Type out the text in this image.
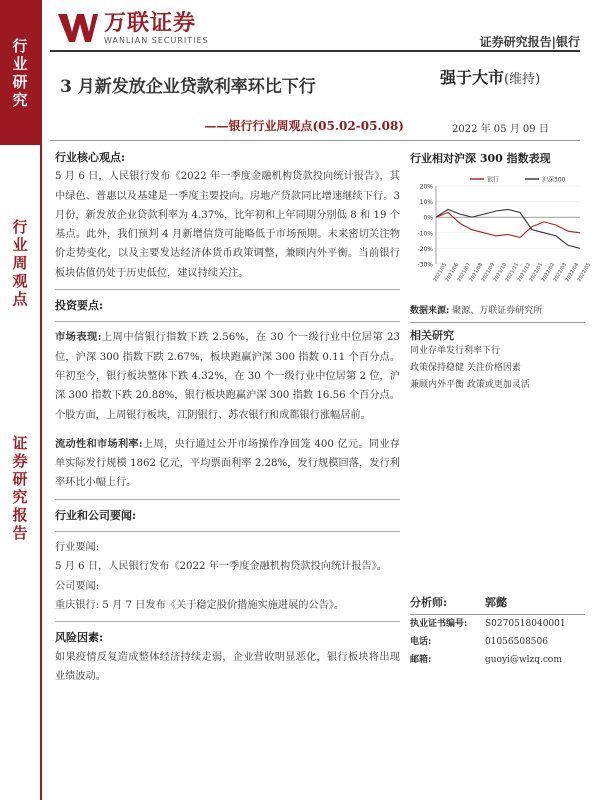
行
业
研
究
行
业
周
观
点
证
券
研
究
报
告
万联证券
WANLIAN SECURITIES	证券研究报告|银行
3 月新发放企业贷款利率环比下行
——银行行业周观点(05.02-05.08)
强于大市(维持)
2022 年 05 月 09 日
行业核心观点:
5 月 6 日，人民银行发布《2022 年一季度金融机构贷款投向统计报告》，其中绿色、普惠以及基建是一季度主要投向。房地产贷款同比增速继续下行。3 月份，新发放企业贷款利率为 4.37%，比年初和上年同期分别低 8 和 19 个基点。此外，我们预判 4 月新增信贷可能略低于市场预期。未来密切关注物价走势变化，以及主要发达经济体货币政策调整，兼顾内外平衡。当前银行板块估值仍处于历史低位，建议持续关注。
投资要点:
市场表现:上周中信银行指数下跌 2.56%，在 30 个一级行业中位居第 23 位，沪深 300 指数下跌 2.67%，板块跑赢沪深 300 指数 0.11 个百分点。年初至今，银行板块整体下跌 4.32%，在 30 个一级行业中位居第 2 位，沪深 300 指数下跌 20.88%，银行板块跑赢沪深 300 指数 16.56 个百分点。个股方面，上周银行板块，江阴银行、苏农银行和成都银行涨幅居前。
流动性和市场利率:上周，央行通过公开市场操作净回笼 400 亿元。同业存单实际发行规模 1862 亿元，平均票面利率 2.28%，发行规模回落，发行利率环比小幅上行。
行业和公司要闻:
行业要闻:
5 月 6 日，人民银行发布《2022 年一季度金融机构贷款投向统计报告》。
公司要闻:
重庆银行: 5 月 7 日发布《关于稳定股价措施实施进展的公告》。
风险因素:
如果疫情反复造成整体经济持续走弱，企业营收明显恶化，银行板块将出现业绩波动。
行业相对沪深 300 指数表现
20%
10%
0%
-10%
-20%
-30% 2021/05
2021/06
2021/07
2021/08
2021/09
2021/10
2021/11
2021/12
2022/01
2022/02
2022/03
2022/04
2022/05
银行	沪深300
数据来源: 聚源、万联证券研究所
相关研究
同业存单发行利率下行
政策保持稳健 关注价格因素
兼顾内外平衡 政策或更加灵活
分析师:	郭懿
执业证书编号:	S0270518040001
电话:	01056508506
邮箱:	guoyi@wlzq.com
